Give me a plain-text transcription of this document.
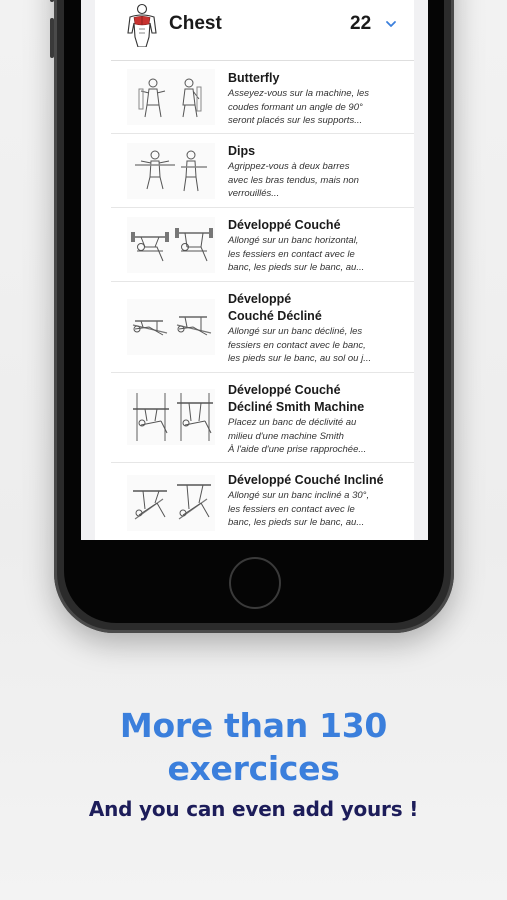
Chest	22
Butterfly
Asseyez-vous sur la machine, les
coudes formant un angle de 90°
seront placés sur les supports...
Dips
Agrippez-vous à deux barres
avec les bras tendus, mais non
verrouillés...
Développé Couché
Allongé sur un banc horizontal,
les fessiers en contact avec le
banc, les pieds sur le banc, au...
Développé
Couché Décliné
Allongé sur un banc décliné, les
fessiers en contact avec le banc,
les pieds sur le banc, au sol ou j...
Développé Couché
Décliné Smith Machine
Placez un banc de déclivité au
milieu d'une machine Smith
À l'aide d'une prise rapprochée...
Développé Couché Incliné
Allongé sur un banc incliné a 30°,
les fessiers en contact avec le
banc, les pieds sur le banc, au...
More than 130
exercices
And you can even add yours !
